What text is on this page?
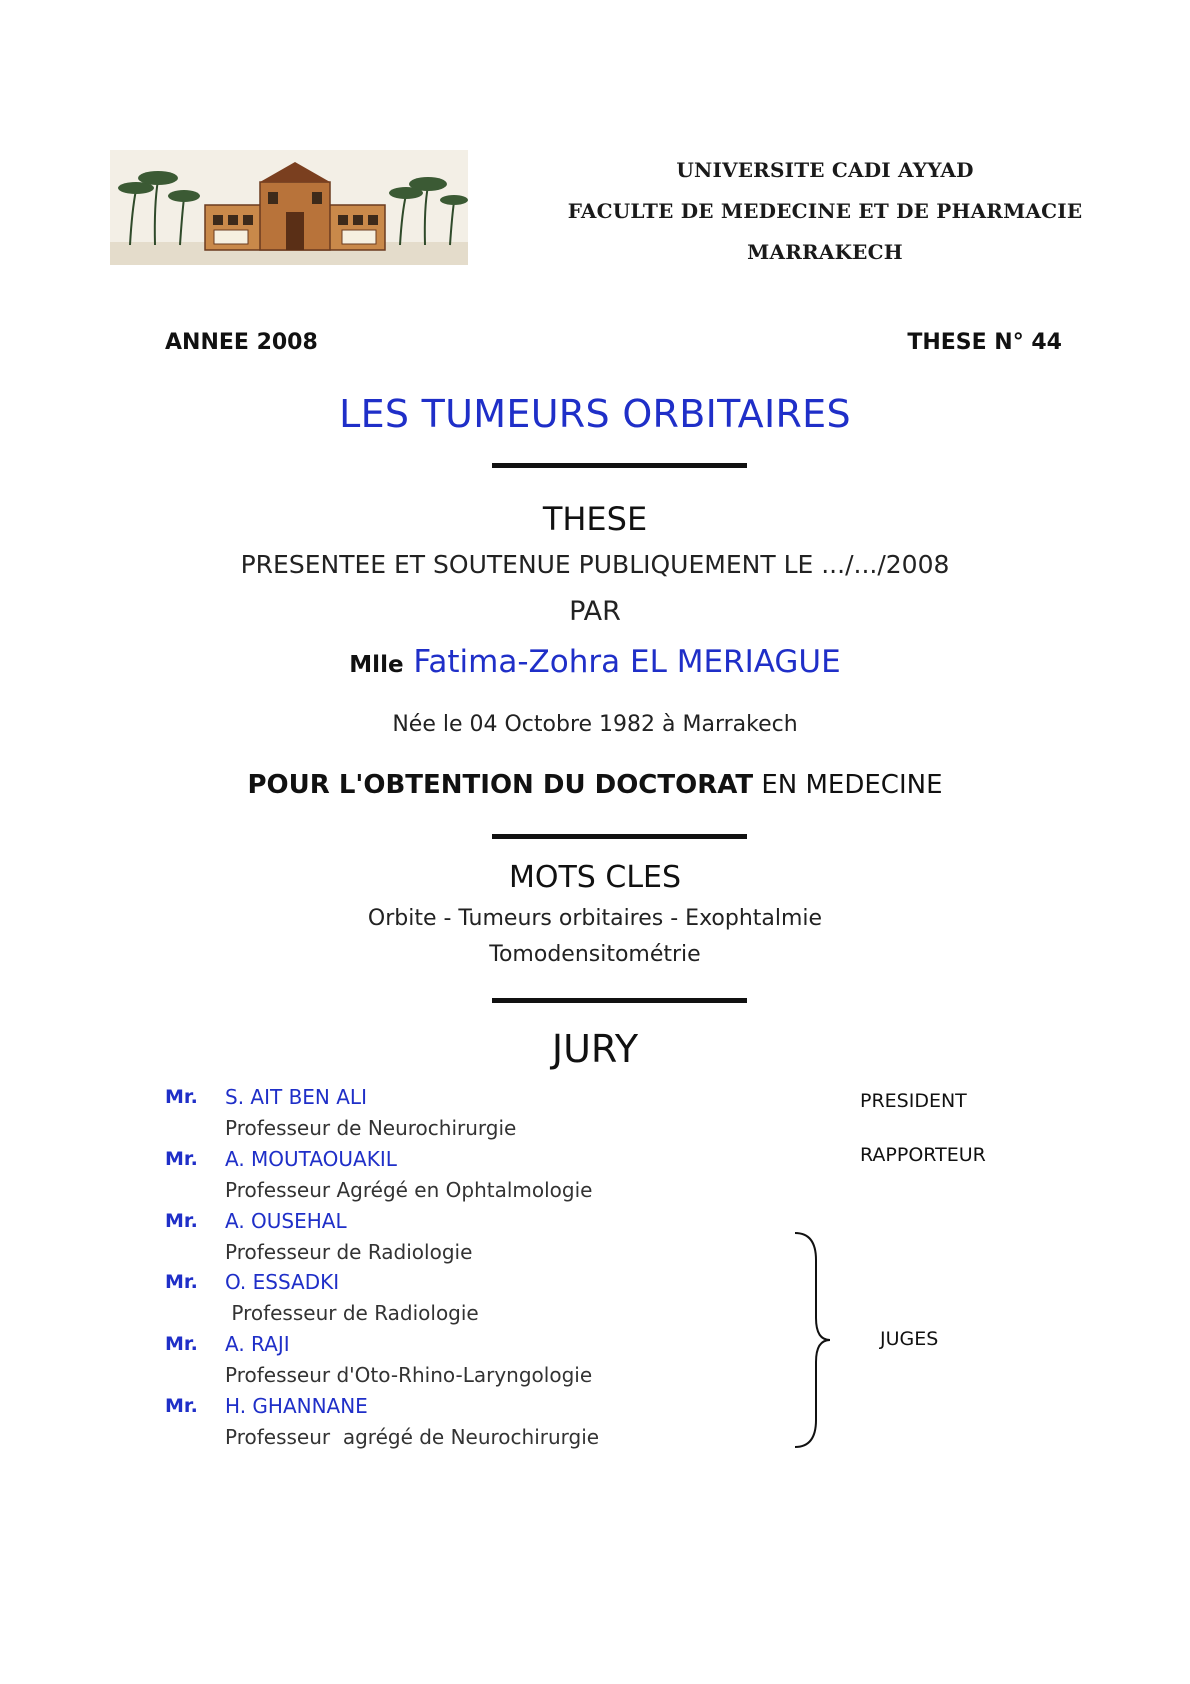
UNIVERSITE CADI AYYAD
FACULTE DE MEDECINE ET DE PHARMACIE
MARRAKECH
ANNEE 2008	THESE N° 44
LES TUMEURS ORBITAIRES
THESE
PRESENTEE ET SOUTENUE PUBLIQUEMENT LE .../.../2008
PAR
Mlle Fatima-Zohra EL MERIAGUE
Née le 04 Octobre 1982 à Marrakech
POUR L'OBTENTION DU DOCTORAT EN MEDECINE
MOTS CLES
Orbite - Tumeurs orbitaires - Exophtalmie
Tomodensitométrie
JURY
Mr. S. AIT BEN ALI
Professeur de Neurochirurgie
Mr. A. MOUTAOUAKIL
Professeur Agrégé en Ophtalmologie
Mr. A. OUSEHAL
Professeur de Radiologie
Mr. O. ESSADKI
Professeur de Radiologie
Mr. A. RAJI
Professeur d'Oto-Rhino-Laryngologie
Mr. H. GHANNANE
Professeur  agrégé de Neurochirurgie
PRESIDENT
RAPPORTEUR
JUGES
